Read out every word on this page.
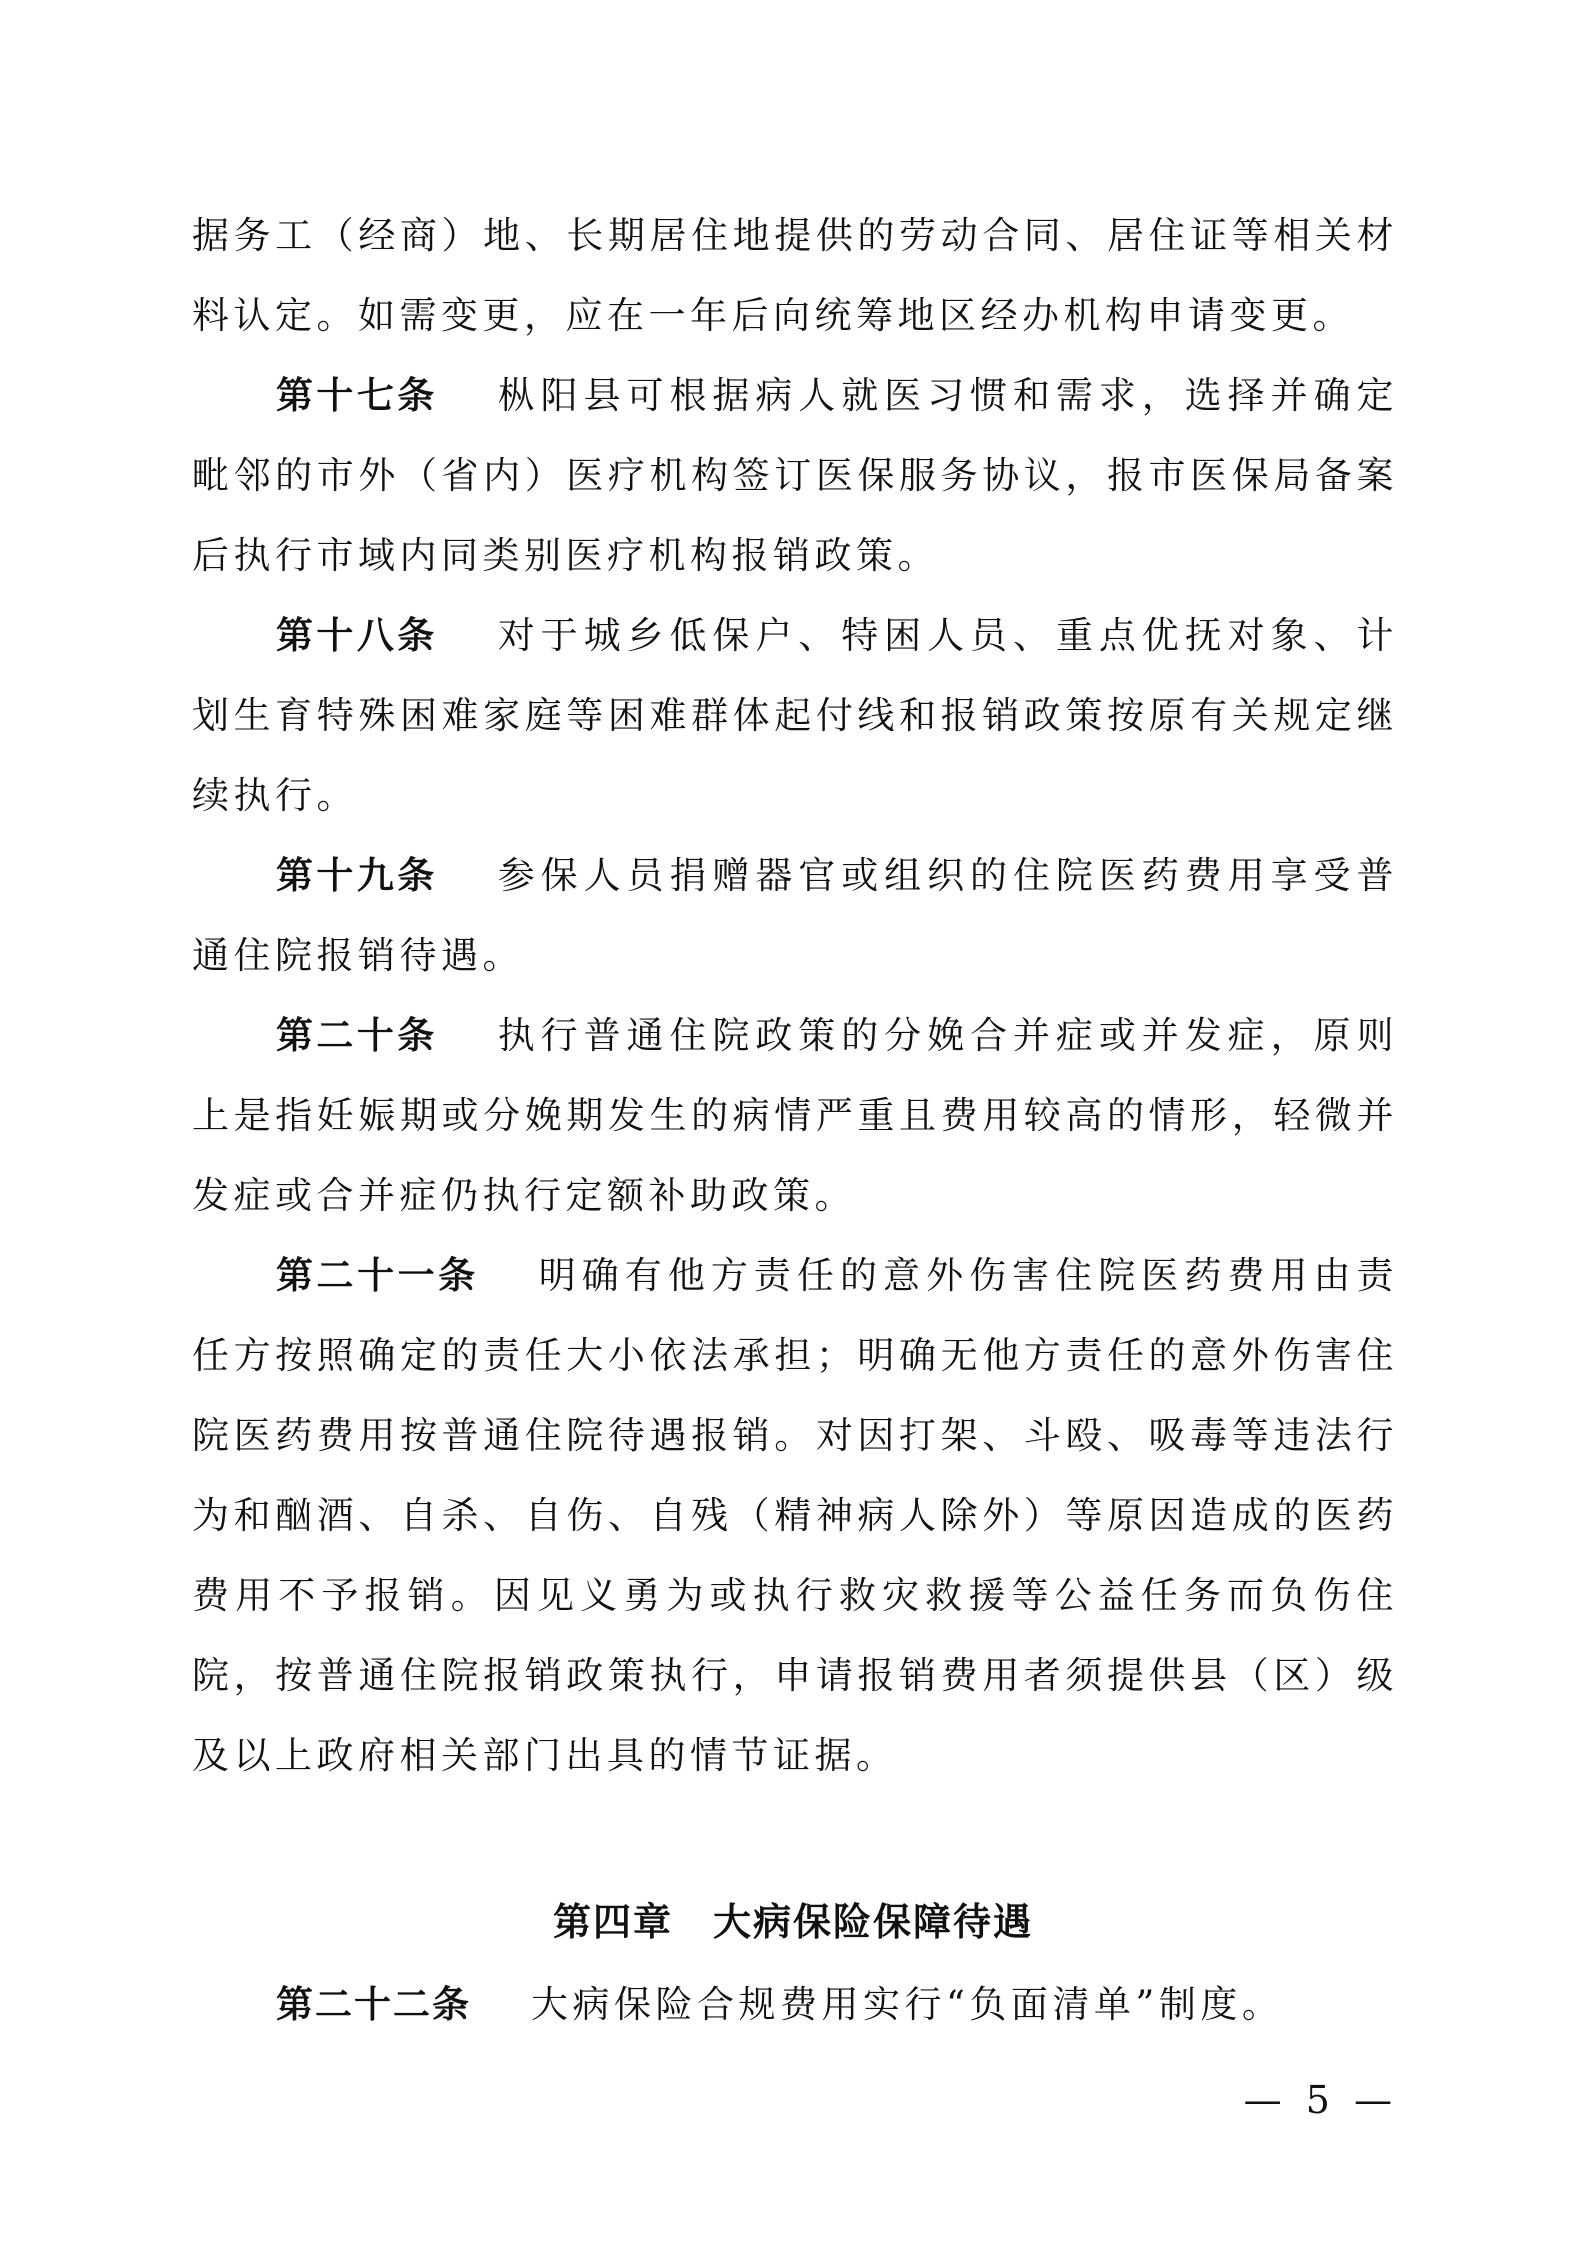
据务工（经商）地、长期居住地提供的劳动合同、居住证等相关材料认定。如需变更，应在一年后向统筹地区经办机构申请变更。

第十七条 枞阳县可根据病人就医习惯和需求，选择并确定毗邻的市外（省内）医疗机构签订医保服务协议，报市医保局备案后执行市域内同类别医疗机构报销政策。

第十八条 对于城乡低保户、特困人员、重点优抚对象、计划生育特殊困难家庭等困难群体起付线和报销政策按原有关规定继续执行。

第十九条 参保人员捐赠器官或组织的住院医药费用享受普通住院报销待遇。

第二十条 执行普通住院政策的分娩合并症或并发症，原则上是指妊娠期或分娩期发生的病情严重且费用较高的情形，轻微并发症或合并症仍执行定额补助政策。

第二十一条 明确有他方责任的意外伤害住院医药费用由责任方按照确定的责任大小依法承担；明确无他方责任的意外伤害住院医药费用按普通住院待遇报销。对因打架、斗殴、吸毒等违法行为和酗酒、自杀、自伤、自残（精神病人除外）等原因造成的医药费用不予报销。因见义勇为或执行救灾救援等公益任务而负伤住院，按普通住院报销政策执行，申请报销费用者须提供县（区）级及以上政府相关部门出具的情节证据。

第四章　大病保险保障待遇
第二十二条 大病保险合规费用实行“负面清单”制度。
— 5 —
